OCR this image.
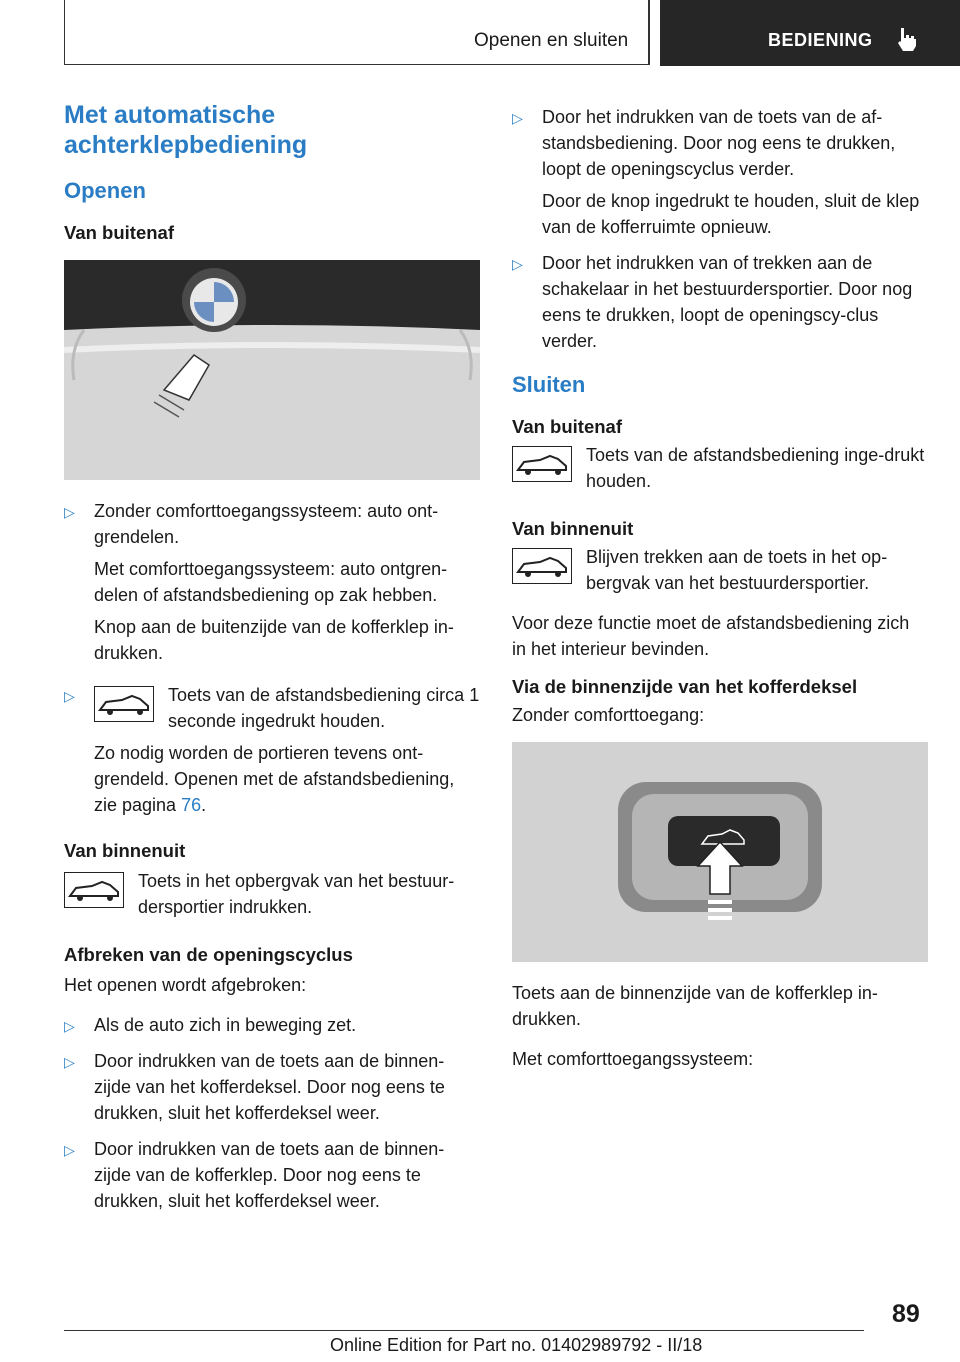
Openen en sluiten	BEDIENING
Met automatische achterklepbediening
Openen
Van buitenaf
▷ Zonder comforttoegangssysteem: auto ont-grendelen.

Met comforttoegangssysteem: auto ontgren-delen of afstandsbediening op zak hebben.

Knop aan de buitenzijde van de kofferklep in-drukken.

▷	Toets van de afstandsbediening circa 1 seconde ingedrukt houden.

Zo nodig worden de portieren tevens ont-grendeld. Openen met de afstandsbediening, zie pagina 76.

Van binnenuit

Toets in het opbergvak van het bestuur-dersportier indrukken.

Afbreken van de openingscyclus

Het openen wordt afgebroken:

▷ Als de auto zich in beweging zet.

▷ Door indrukken van de toets aan de binnen-zijde van het kofferdeksel. Door nog eens te drukken, sluit het kofferdeksel weer.

▷ Door indrukken van de toets aan de binnen-zijde van de kofferklep. Door nog eens te drukken, sluit het kofferdeksel weer.

▷ Door het indrukken van de toets van de af-standsbediening. Door nog eens te drukken, loopt de openingscyclus verder.

Door de knop ingedrukt te houden, sluit de klep van de kofferruimte opnieuw.

▷ Door het indrukken van of trekken aan de schakelaar in het bestuurdersportier. Door nog eens te drukken, loopt de openingscy-clus verder.

Sluiten
Van buitenaf

Toets van de afstandsbediening inge-drukt houden.

Van binnenuit

Blijven trekken aan de toets in het op-bergvak van het bestuurdersportier.

Voor deze functie moet de afstandsbediening zich in het interieur bevinden.

Via de binnenzijde van het kofferdeksel

Zonder comforttoegang:

Toets aan de binnenzijde van de kofferklep in-drukken.

Met comforttoegangssysteem:

89
Online Edition for Part no. 01402989792 - II/18
